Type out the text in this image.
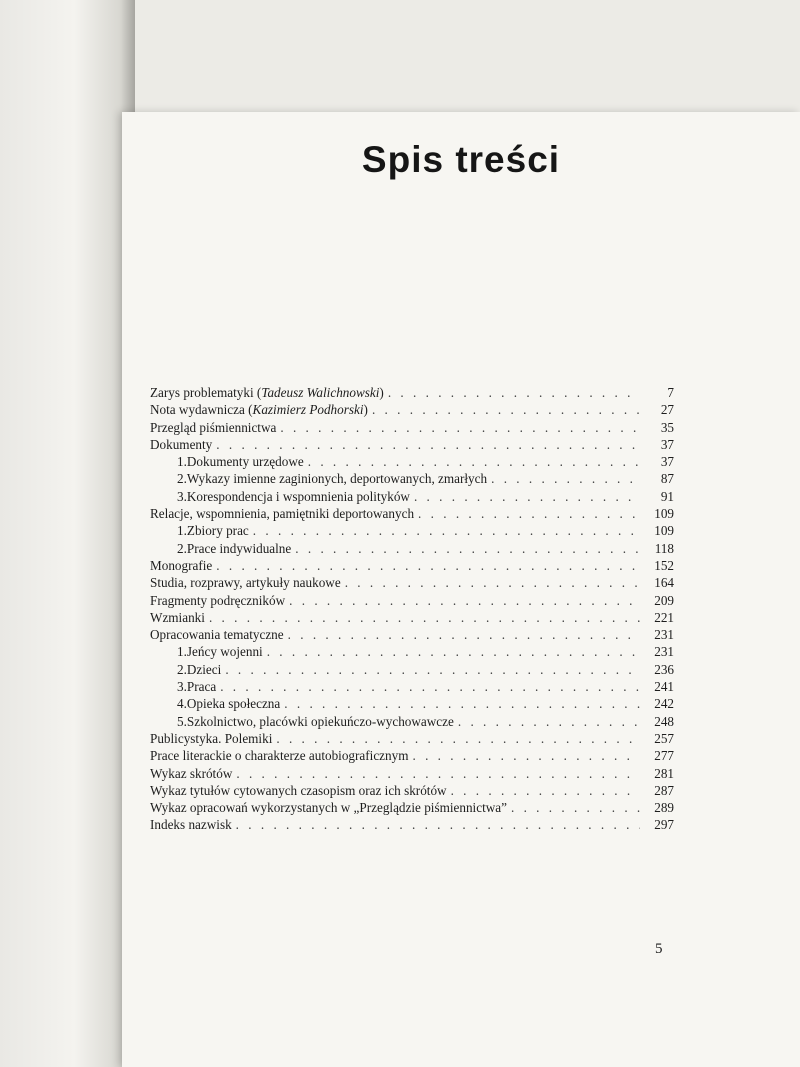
Spis treści
Zarys problematyki (Tadeusz Walichnowski) . . .	7
Nota wydawnicza (Kazimierz Podhorski) . . .	27
Przegląd piśmiennictwa . . .	35
Dokumenty . . .	37
1. Dokumenty urzędowe . . .	37
2. Wykazy imienne zaginionych, deportowanych, zmarłych . . .	87
3. Korespondencja i wspomnienia polityków . . .	91
Relacje, wspomnienia, pamiętniki deportowanych . . .	109
1. Zbiory prac . . .	109
2. Prace indywidualne . . .	118
Monografie . . .	152
Studia, rozprawy, artykuły naukowe . . .	164
Fragmenty podręczników . . .	209
Wzmianki . . .	221
Opracowania tematyczne . . .	231
1. Jeńcy wojenni . . .	231
2. Dzieci . . .	236
3. Praca . . .	241
4. Opieka społeczna . . .	242
5. Szkolnictwo, placówki opiekuńczo-wychowawcze . . .	248
Publicystyka. Polemiki . . .	257
Prace literackie o charakterze autobiograficznym . . .	277
Wykaz skrótów . . .	281
Wykaz tytułów cytowanych czasopism oraz ich skrótów . . .	287
Wykaz opracowań wykorzystanych w „Przeglądzie piśmiennictwa” . . .	289
Indeks nazwisk . . .	297
5
